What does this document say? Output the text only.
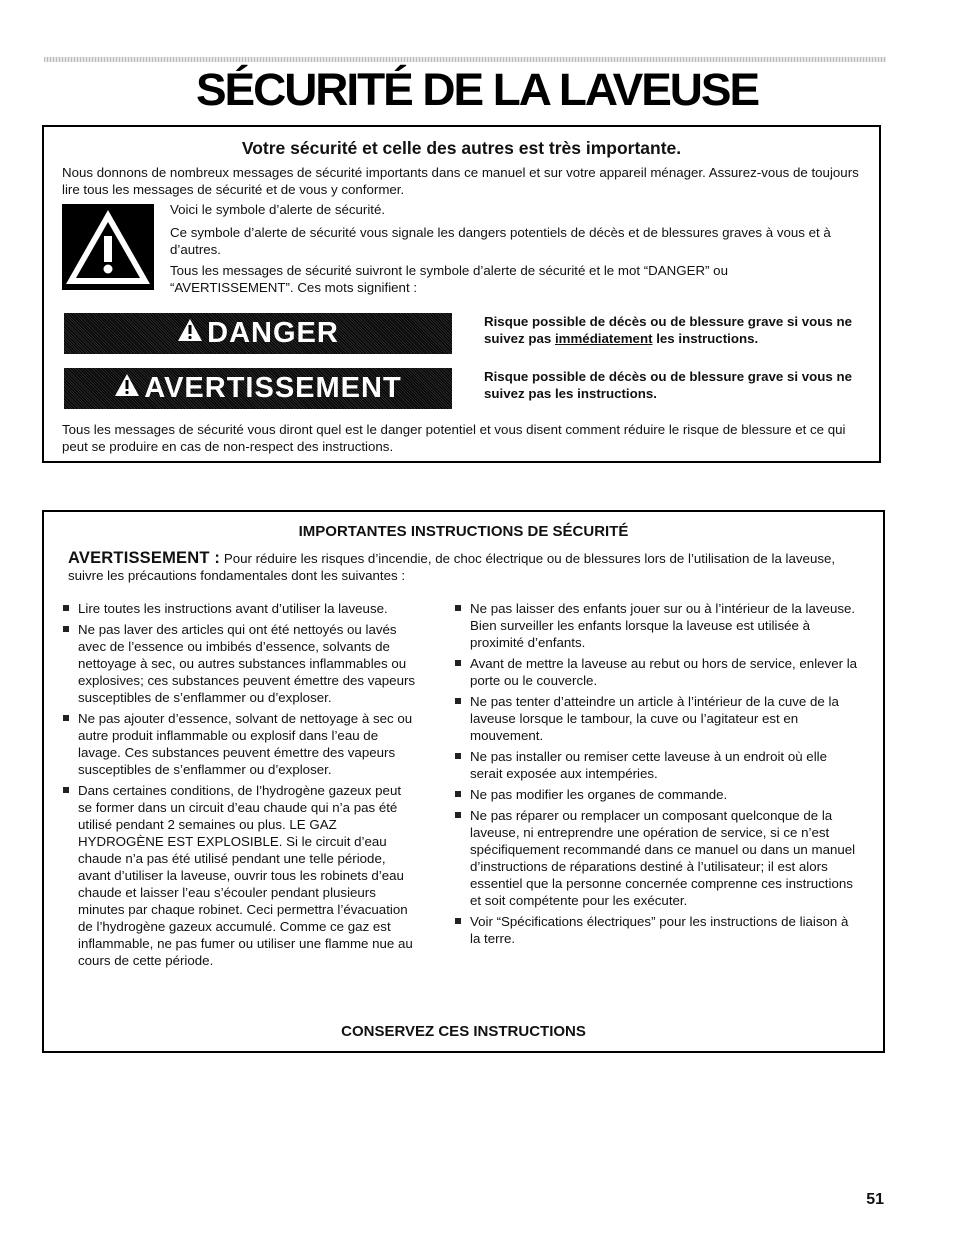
SÉCURITÉ DE LA LAVEUSE
Votre sécurité et celle des autres est très importante.

Nous donnons de nombreux messages de sécurité importants dans ce manuel et sur votre appareil ménager. Assurez-vous de toujours lire tous les messages de sécurité et de vous y conformer.

Voici le symbole d’alerte de sécurité.

Ce symbole d’alerte de sécurité vous signale les dangers potentiels de décès et de blessures graves à vous et à d’autres.

Tous les messages de sécurité suivront le symbole d’alerte de sécurité et le mot “DANGER” ou “AVERTISSEMENT”. Ces mots signifient :

DANGER	Risque possible de décès ou de blessure grave si vous ne suivez pas immédiatement les instructions.
AVERTISSEMENT	Risque possible de décès ou de blessure grave si vous ne suivez pas les instructions.

Tous les messages de sécurité vous diront quel est le danger potentiel et vous disent comment réduire le risque de blessure et ce qui peut se produire en cas de non-respect des instructions.

IMPORTANTES INSTRUCTIONS DE SÉCURITÉ
AVERTISSEMENT : Pour réduire les risques d’incendie, de choc électrique ou de blessures lors de l’utilisation de la laveuse, suivre les précautions fondamentales dont les suivantes :
Lire toutes les instructions avant d’utiliser la laveuse.
Ne pas laver des articles qui ont été nettoyés ou lavés avec de l’essence ou imbibés d’essence, solvants de nettoyage à sec, ou autres substances inflammables ou explosives; ces substances peuvent émettre des vapeurs susceptibles de s’enflammer ou d’exploser.
Ne pas ajouter d’essence, solvant de nettoyage à sec ou autre produit inflammable ou explosif dans l’eau de lavage. Ces substances peuvent émettre des vapeurs susceptibles de s’enflammer ou d’exploser.
Dans certaines conditions, de l’hydrogène gazeux peut se former dans un circuit d’eau chaude qui n’a pas été utilisé pendant 2 semaines ou plus. LE GAZ HYDROGÈNE EST EXPLOSIBLE. Si le circuit d’eau chaude n’a pas été utilisé pendant une telle période, avant d’utiliser la laveuse, ouvrir tous les robinets d’eau chaude et laisser l’eau s’écouler pendant plusieurs minutes par chaque robinet. Ceci permettra l’évacuation de l’hydrogène gazeux accumulé. Comme ce gaz est inflammable, ne pas fumer ou utiliser une flamme nue au cours de cette période.
Ne pas laisser des enfants jouer sur ou à l’intérieur de la laveuse. Bien surveiller les enfants lorsque la laveuse est utilisée à proximité d’enfants.
Avant de mettre la laveuse au rebut ou hors de service, enlever la porte ou le couvercle.
Ne pas tenter d’atteindre un article à l’intérieur de la cuve de la laveuse lorsque le tambour, la cuve ou l’agitateur est en mouvement.
Ne pas installer ou remiser cette laveuse à un endroit où elle serait exposée aux intempéries.
Ne pas modifier les organes de commande.
Ne pas réparer ou remplacer un composant quelconque de la laveuse, ni entreprendre une opération de service, si ce n’est spécifiquement recommandé dans ce manuel ou dans un manuel d’instructions de réparations destiné à l’utilisateur; il est alors essentiel que la personne concernée comprenne ces instructions et soit compétente pour les exécuter.
Voir “Spécifications électriques” pour les instructions de liaison à la terre.
CONSERVEZ CES INSTRUCTIONS
51
